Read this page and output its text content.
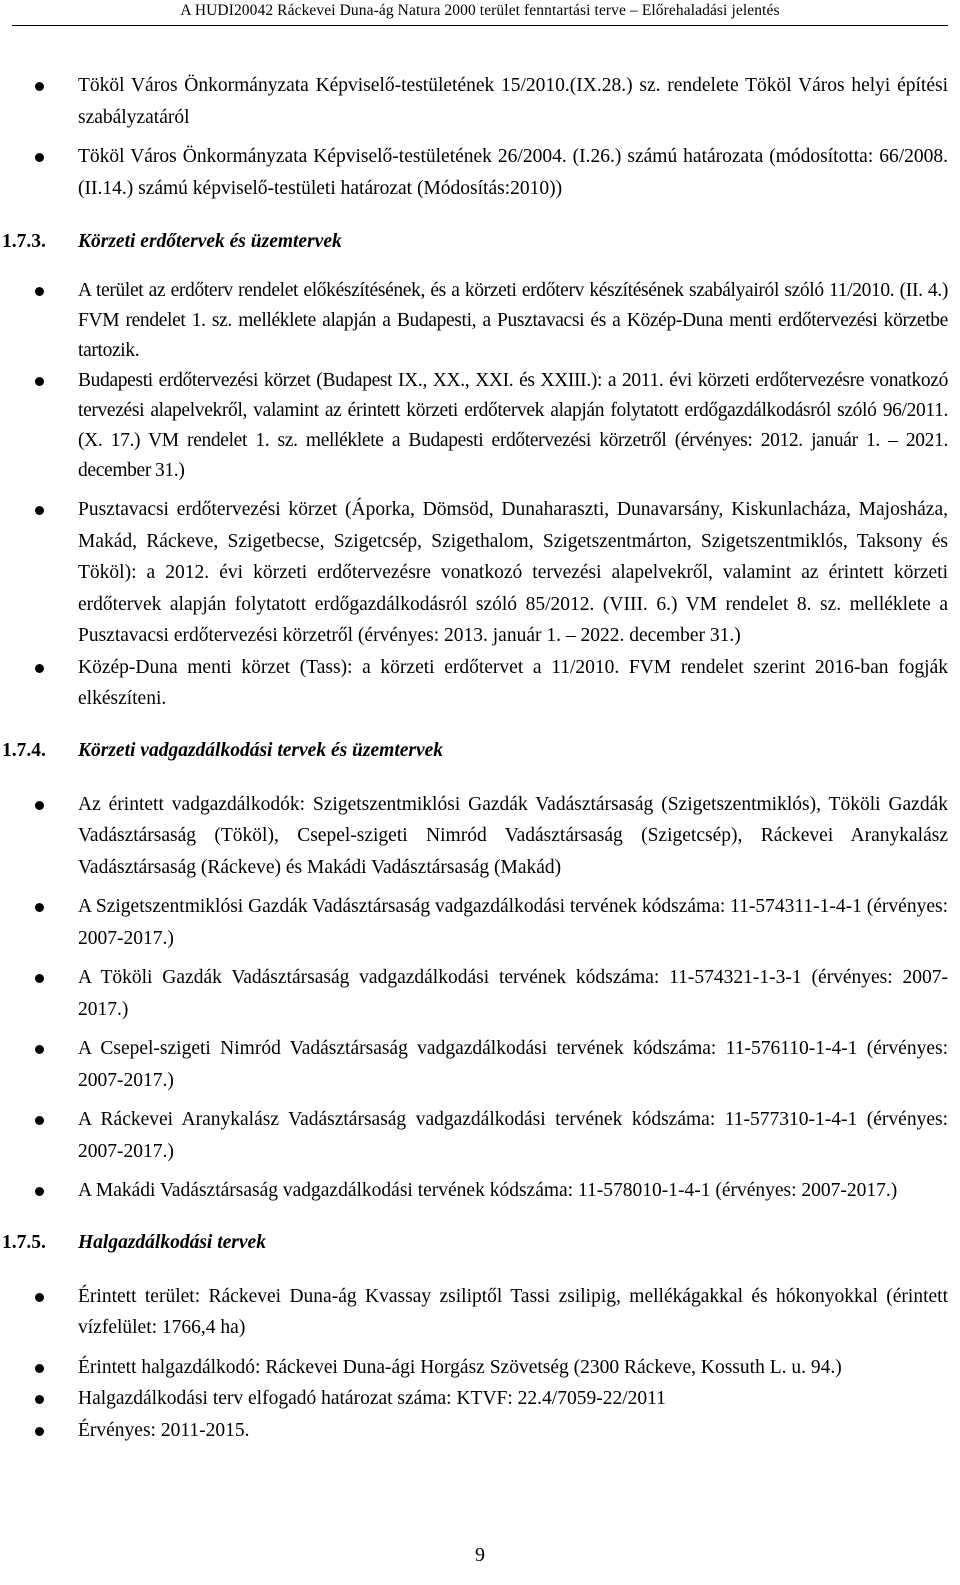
A HUDI20042 Ráckevei Duna-ág Natura 2000 terület fenntartási terve – Előrehaladási jelentés
Tököl Város Önkormányzata Képviselő-testületének 15/2010.(IX.28.) sz. rendelete Tököl Város helyi építési szabályzatáról
Tököl Város Önkormányzata Képviselő-testületének 26/2004. (I.26.) számú határozata (módosította: 66/2008. (II.14.) számú képviselő-testületi határozat (Módosítás:2010))
1.7.3. Körzeti erdőtervek és üzemtervek
A terület az erdőterv rendelet előkészítésének, és a körzeti erdőterv készítésének szabályairól szóló 11/2010. (II. 4.) FVM rendelet 1. sz. melléklete alapján a Budapesti, a Pusztavacsi és a Közép-Duna menti erdőtervezési körzetbe tartozik.
Budapesti erdőtervezési körzet (Budapest IX., XX., XXI. és XXIII.): a 2011. évi körzeti erdőtervezésre vonatkozó tervezési alapelvekről, valamint az érintett körzeti erdőtervek alapján folytatott erdőgazdálkodásról szóló 96/2011. (X. 17.) VM rendelet 1. sz. melléklete a Budapesti erdőtervezési körzetről (érvényes: 2012. január 1. – 2021. december 31.)
Pusztavacsi erdőtervezési körzet (Áporka, Dömsöd, Dunaharaszti, Dunavarsány, Kiskunlacháza, Majosháza, Makád, Ráckeve, Szigetbecse, Szigetcsép, Szigethalom, Szigetszentmárton, Szigetszentmiklós, Taksony és Tököl): a 2012. évi körzeti erdőtervezésre vonatkozó tervezési alapelvekről, valamint az érintett körzeti erdőtervek alapján folytatott erdőgazdálkodásról szóló 85/2012. (VIII. 6.) VM rendelet 8. sz. melléklete a Pusztavacsi erdőtervezési körzetről (érvényes: 2013. január 1. – 2022. december 31.)
Közép-Duna menti körzet (Tass): a körzeti erdőtervet a 11/2010. FVM rendelet szerint 2016-ban fogják elkészíteni.
1.7.4. Körzeti vadgazdálkodási tervek és üzemtervek
Az érintett vadgazdálkodók: Szigetszentmiklósi Gazdák Vadásztársaság (Szigetszentmiklós), Tököli Gazdák Vadásztársaság (Tököl), Csepel-szigeti Nimród Vadásztársaság (Szigetcsép), Ráckevei Aranykalász Vadásztársaság (Ráckeve) és Makádi Vadásztársaság (Makád)
A Szigetszentmiklósi Gazdák Vadásztársaság vadgazdálkodási tervének kódszáma: 11-574311-1-4-1 (érvényes: 2007-2017.)
A Tököli Gazdák Vadásztársaság vadgazdálkodási tervének kódszáma: 11-574321-1-3-1 (érvényes: 2007-2017.)
A Csepel-szigeti Nimród Vadásztársaság vadgazdálkodási tervének kódszáma: 11-576110-1-4-1 (érvényes: 2007-2017.)
A Ráckevei Aranykalász Vadásztársaság vadgazdálkodási tervének kódszáma: 11-577310-1-4-1 (érvényes: 2007-2017.)
A Makádi Vadásztársaság vadgazdálkodási tervének kódszáma: 11-578010-1-4-1 (érvényes: 2007-2017.)
1.7.5. Halgazdálkodási tervek
Érintett terület: Ráckevei Duna-ág Kvassay zsiliptől Tassi zsilipig, mellékágakkal és hókonyokkal (érintett vízfelület: 1766,4 ha)
Érintett halgazdálkodó: Ráckevei Duna-ági Horgász Szövetség (2300 Ráckeve, Kossuth L. u. 94.)
Halgazdálkodási terv elfogadó határozat száma: KTVF: 22.4/7059-22/2011
Érvényes: 2011-2015.
9
